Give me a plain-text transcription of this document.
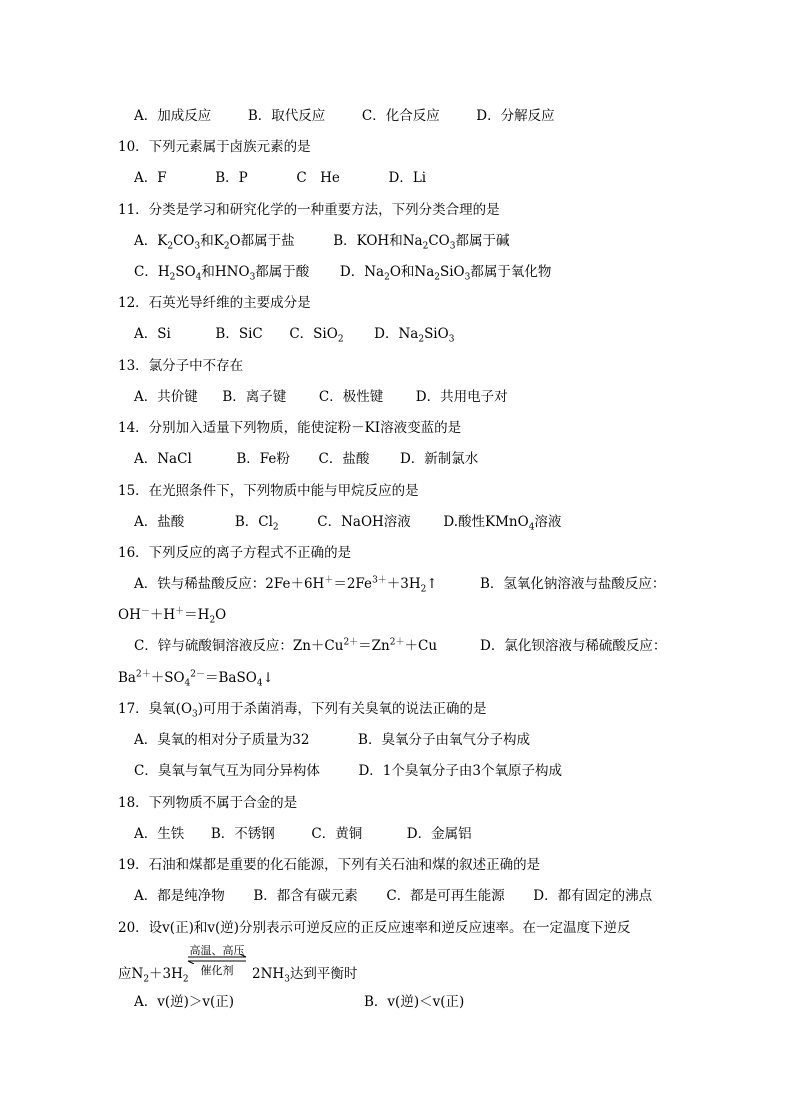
A．加成反应	B．取代反应	C．化合反应	D．分解反应
10．下列元素属于卤族元素的是
A．F	B．P	C　He	D．Li
11．分类是学习和研究化学的一种重要方法，下列分类合理的是
A．$K_2CO_3$和$K_2O$都属于盐	B．KOH和$Na_2CO_3$都属于碱
C．$H_2SO_4$和$HNO_3$都属于酸 D．$Na_2O$和$Na_2SiO_3$都属于氧化物
12．石英光导纤维的主要成分是
A．Si	B．SiC C．SiO$_2$ D．$Na_2SiO_3$
13．氯分子中不存在
A．共价键 B．离子键 C．极性键 D．共用电子对
14．分别加入适量下列物质，能使淀粉－KI溶液变蓝的是
A．NaCl	B．Fe粉 C．盐酸 D．新制氯水
15．在光照条件下，下列物质中能与甲烷反应的是
A．盐酸	B．$Cl_2$	C．NaOH溶液 D.酸性KMnO$_4$溶液
16．下列反应的离子方程式不正确的是
A．铁与稀盐酸反应：$2Fe+6H^+=2Fe^{3+}+3H_2↑$	B．氢氧化钠溶液与盐酸反应：
$OH^-+H^+=H_2O$
C．锌与硫酸铜溶液反应：$Zn+Cu^{2+}=Zn^{2+}+Cu$	D．氯化钡溶液与稀硫酸反应：
$Ba^{2+}+SO_4^{2-}=BaSO_4↓$
17．臭氧$(O_3)$可用于杀菌消毒，下列有关臭氧的说法正确的是
A．臭氧的相对分子质量为32	B．臭氧分子由氧气分子构成
C．臭氧与氧气互为同分异构体	D．1个臭氧分子由3个氧原子构成
18．下列物质不属于合金的是
A．生铁 B．不锈钢	C．黄铜	D．金属铝
19．石油和煤都是重要的化石能源，下列有关石油和煤的叙述正确的是
A．都是纯净物 B．都含有碳元素 C．都是可再生能源 D．都有固定的沸点
20．设v(正)和v(逆)分别表示可逆反应的正反应速率和逆反应速率。在一定温度下逆反
应$N_2+3H_2$
高温、高压
催化剂	$2NH_3$达到平衡时
A．v(逆)＞v(正)	B．v(逆)＜v(正)
